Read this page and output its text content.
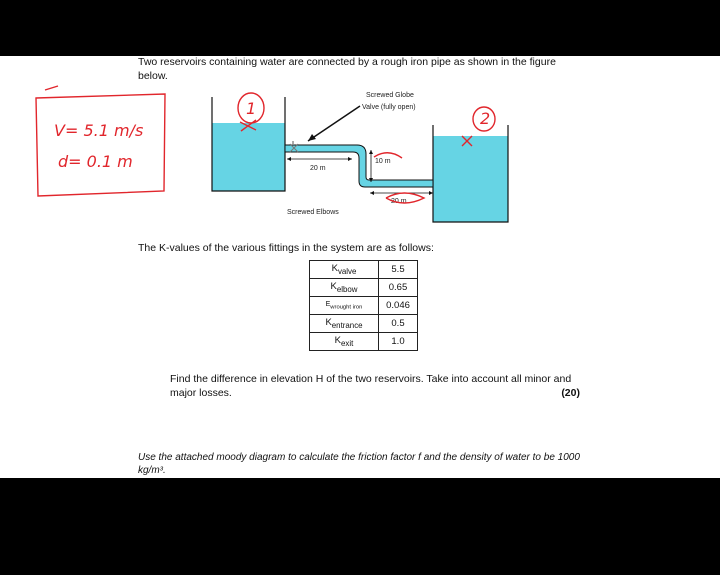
Two reservoirs containing water are connected by a rough iron pipe as shown in the figure below.
Screwed Globe
Valve (fully open)
20 m
10 m
20 m
Screwed Elbows
V= 5.1 m/s
d= 0.1 m
1
2
The K-values of the various fittings in the system are as follows:
$K_{valve}$	5.5
$K_{elbow}$	0.65
$E_{wrought iron}$	0.046
$K_{entrance}$	0.5
$K_{exit}$	1.0
Find the difference in elevation H of the two reservoirs. Take into account all minor and major losses.	(20)
Use the attached moody diagram to calculate the friction factor f and the density of water to be 1000 kg/m³.
